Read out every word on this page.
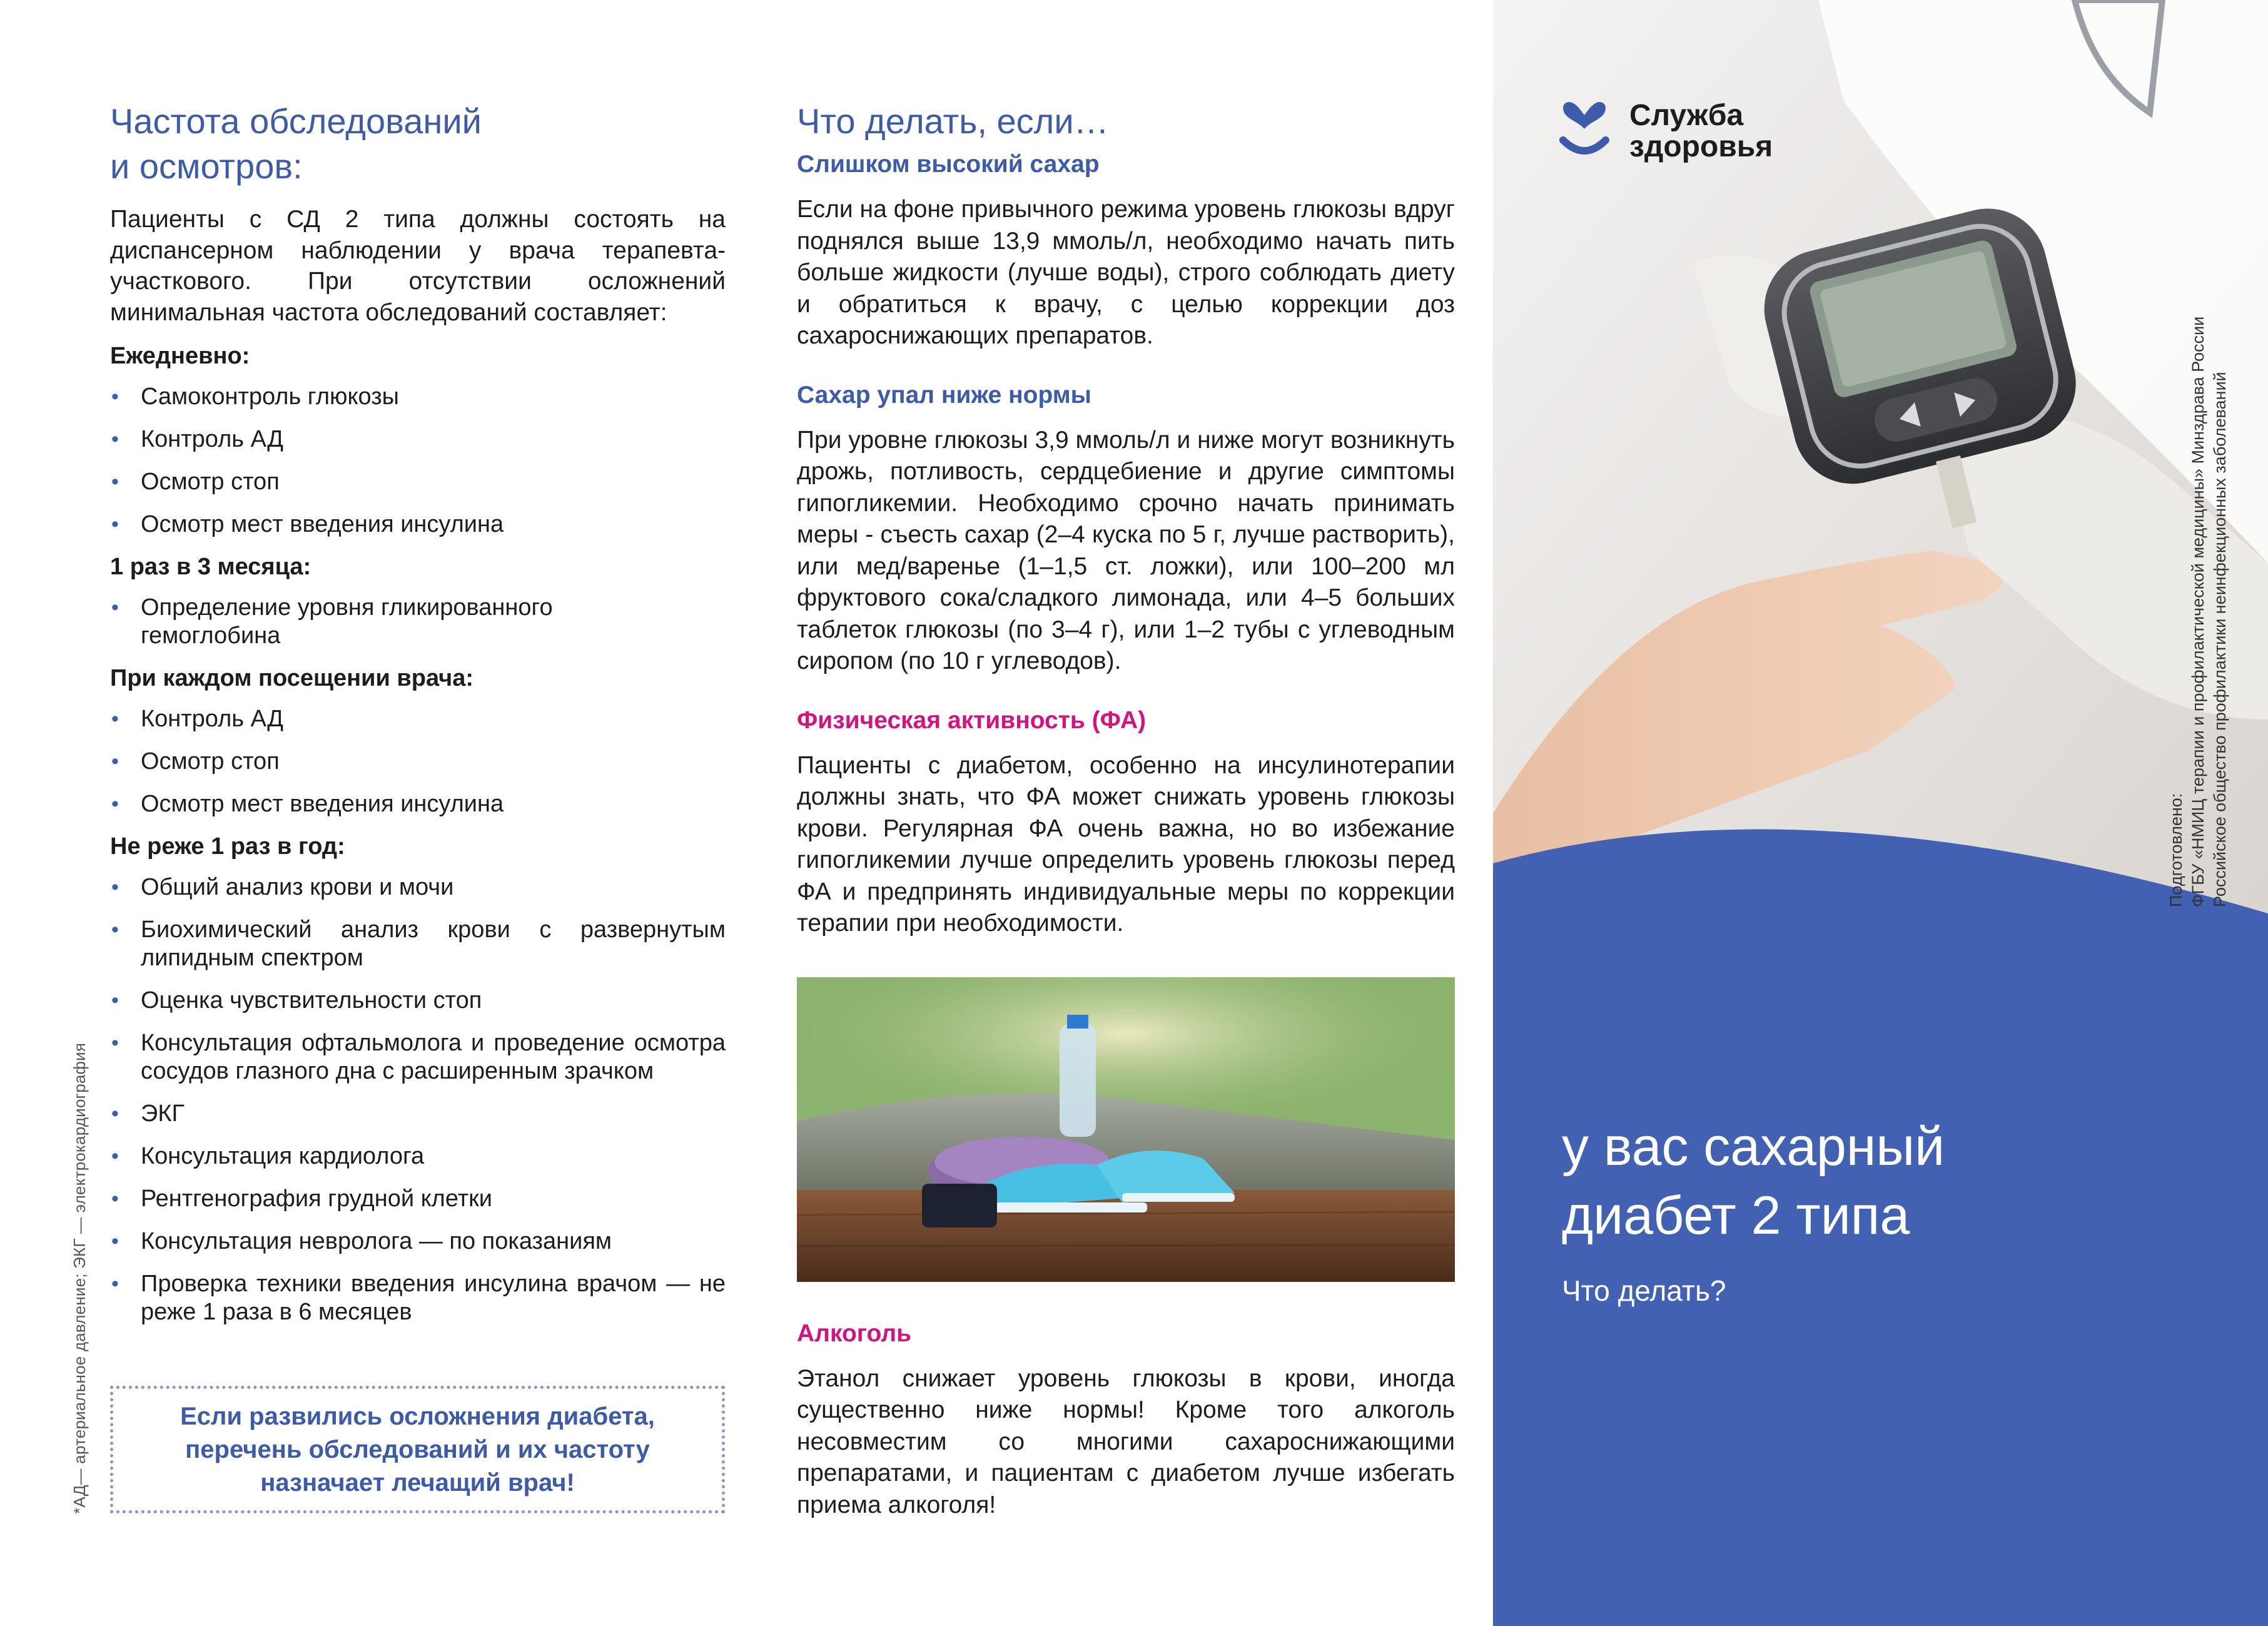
Частота обследований
и осмотров:

Пациенты с СД 2 типа должны состоять на диспансерном наблюдении у врача терапевта-участкового. При отсутствии осложнений минимальная частота обследований составляет:

Ежедневно:
• Самоконтроль глюкозы
• Контроль АД
• Осмотр стоп
• Осмотр мест введения инсулина
1 раз в 3 месяца:
• Определение уровня гликированного гемоглобина
При каждом посещении врача:
• Контроль АД
• Осмотр стоп
• Осмотр мест введения инсулина
Не реже 1 раз в год:
• Общий анализ крови и мочи
• Биохимический анализ крови с развернутым липидным спектром
• Оценка чувствительности стоп
• Консультация офтальмолога и проведение осмотра сосудов глазного дна с расширенным зрачком
• ЭКГ
• Консультация кардиолога
• Рентгенография грудной клетки
• Консультация невролога — по показаниям
• Проверка техники введения инсулина врачом — не реже 1 раза в 6 месяцев
Если развились осложнения диабета, перечень обследований и их частоту назначает лечащий врач!
*АД— артериальное давление; ЭКГ — электрокардиография
Что делать, если…
Слишком высокий сахар

Если на фоне привычного режима уровень глюкозы вдруг поднялся выше 13,9 ммоль/л, необходимо начать пить больше жидкости (лучше воды), строго соблюдать диету и обратиться к врачу, с целью коррекции доз сахароснижающих препаратов.

Сахар упал ниже нормы

При уровне глюкозы 3,9 ммоль/л и ниже могут возникнуть дрожь, потливость, сердцебиение и другие симптомы гипогликемии. Необходимо срочно начать принимать меры - съесть сахар (2–4 куска по 5 г, лучше растворить), или мед/варенье (1–1,5 ст. ложки), или 100–200 мл фруктового сока/сладкого лимонада, или 4–5 больших таблеток глюкозы (по 3–4 г), или 1–2 тубы с углеводным сиропом (по 10 г углеводов).

Физическая активность (ФА)

Пациенты с диабетом, особенно на инсулинотерапии должны знать, что ФА может снижать уровень глюкозы крови. Регулярная ФА очень важна, но во избежание гипогликемии лучше определить уровень глюкозы перед ФА и предпринять индивидуальные меры по коррекции терапии при необходимости.

Алкоголь

Этанол снижает уровень глюкозы в крови, иногда существенно ниже нормы! Кроме того алкоголь несовместим со многими сахароснижающими препаратами, и пациентам с диабетом лучше избегать приема алкоголя!

Служба
здоровья
Подготовлено: ФГБУ «НМИЦ терапии и профилактической медицины» Минздрава России Российское общество профилактики неинфекционных заболеваний
у вас сахарный
диабет 2 типа
Что делать?
